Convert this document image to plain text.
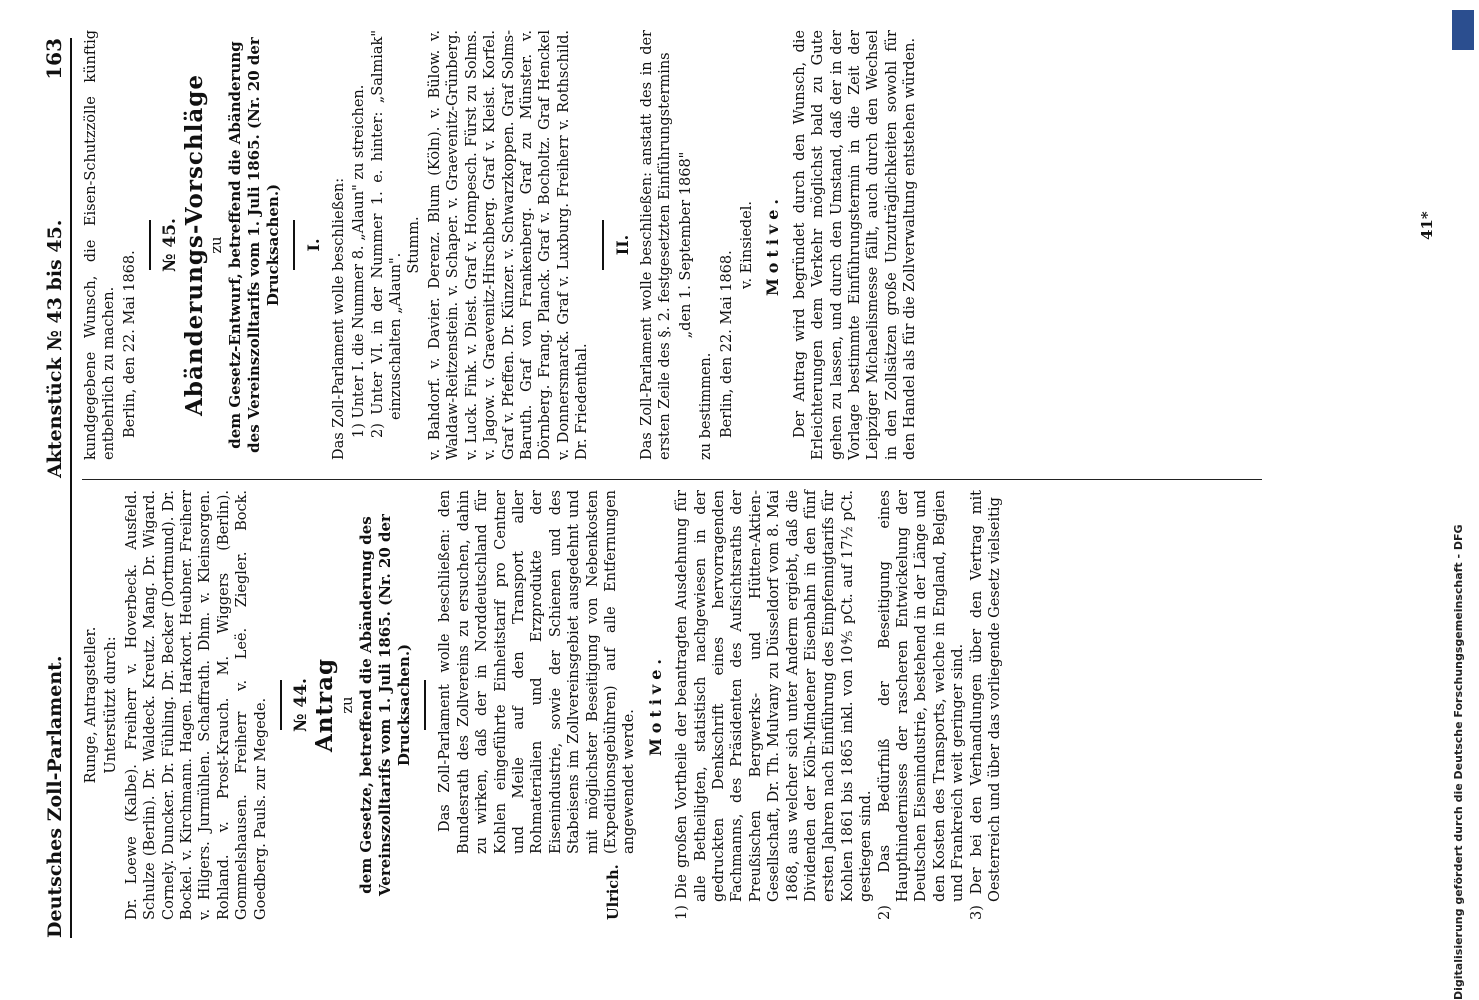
Deutsches Zoll-Parlament.
Aktenstück № 43 bis 45.
163

Runge, Antragsteller. Unterstützt durch: Dr. Loewe (Kalbe). Freiherr v. Hoverbeck. Ausfeld. Schulze (Berlin). Dr. Waldeck. Kreutz. Mang. Dr. Wigard. Cornely. Duncker. Dr. Fühling. Dr. Becker (Dortmund). Dr. Bockel. v. Kirchmann. Hagen. Harkort. Heubner. Freiherr v. Hilgers. Jurmühlen. Schaffrath. Dhm. v. Kleinsorgen. Rohland. v. Prost-Krauch. M. Wiggers (Berlin). Gommelshausen. Freiherr v. Leë. Ziegler. Bock. Goedberg. Pauls. zur Megede. № 44. Antrag zu dem Gesetze, betreffend die Abänderung des Vereinszolltarifs vom 1. Juli 1865. (Nr. 20 der Drucksachen.) Das Zoll-Parlament wolle beschließen: den Bundesrath des Zollvereins zu ersuchen, dahin zu wirken, daß der in Norddeutschland für Kohlen eingeführte Einheitstarif pro Centner und Meile auf den Transport aller Rohmaterialien und Erzprodukte der Eisenindustrie, sowie der Schienen und des Stabeisens im Zollvereinsgebiet ausgedehnt und mit möglichster Beseitigung von Nebenkosten (Expeditionsgebühren) auf alle Entfernungen angewendet werde.

Motive. 1) Die großen Vortheile der beantragten Ausdehnung für alle Betheiligten, statistisch nachgewiesen in der gedruckten Denkschrift eines hervorragenden Fachmanns, des Präsidenten des Aufsichtsraths der Preußischen Bergwerks- und Hütten-Aktien-Gesellschaft, Dr. Th. Mulvany zu Düsseldorf vom 8. Mai 1868, aus welcher sich unter Anderm ergiebt, daß die Dividenden der Köln-Mindener Eisenbahn in den fünf ersten Jahren nach Einführung des Einpfennigtarifs für Kohlen 1861 bis 1865 inkl. von 10⅘ pCt. auf 17½ pCt. gestiegen sind. 2) Das Bedürfniß der Beseitigung eines Haupthindernisses der rascheren Entwickelung der Deutschen Eisenindustrie, bestehend in der Länge und den Kosten des Transports, welche in England, Belgien und Frankreich weit geringer sind. 3) Der bei den Verhandlungen über den Vertrag mit Oesterreich und über das vorliegende Gesetz vielseitig

Ulrich.

kundgegebene Wunsch, die Eisen-Schutzzölle künftig entbehrlich zu machen. Berlin, den 22. Mai 1868.

№ 45. Abänderungs-Vorschläge zu dem Gesetz-Entwurf, betreffend die Abänderung des Vereinszolltarifs vom 1. Juli 1865. (Nr. 20 der Drucksachen.) I. Das Zoll-Parlament wolle beschließen: 1) Unter I. die Nummer 8. „Alaun" zu streichen. 2) Unter VI. in der Nummer 1. e. hinter: „Salmiak" einzuschalten „Alaun".

Stumm. v. Bahdorf. v. Davier. Derenz. Blum (Köln). v. Bülow. v. Waldaw-Reitzenstein. v. Schaper. v. Graevenitz-Grünberg. v. Luck. Fink. v. Diest. Graf v. Hompesch. Fürst zu Solms. v. Jagow. v. Graevenitz-Hirschberg. Graf v. Kleist. Korfel. Graf v. Pfeffen. Dr. Künzer. v. Schwarzkoppen. Graf Solms-Baruth. Graf von Frankenberg. Graf zu Münster. v. Dörnberg. Frang. Planck. Graf v. Bocholtz. Graf Henckel v. Donnersmarck. Graf v. Luxburg. Freiherr v. Rothschild. Dr. Friedenthal.

II. Das Zoll-Parlament wolle beschließen: anstatt des in der ersten Zeile des §. 2. festgesetzten Einführungstermins „den 1. September 1868"

zu bestimmen. Berlin, den 22. Mai 1868.

v. Einsiedel. Motive. Der Antrag wird begründet durch den Wunsch, die Erleichterungen dem Verkehr möglichst bald zu Gute gehen zu lassen, und durch den Umstand, daß der in der Vorlage bestimmte Einführungstermin in die Zeit der Leipziger Michaelismesse fällt, auch durch den Wechsel in den Zollsätzen große Unzuträglichkeiten sowohl für den Handel als für die Zollverwaltung entstehen würden.	41*
Digitalisierung gefördert durch die Deutsche Forschungsgemeinschaft - DFG
